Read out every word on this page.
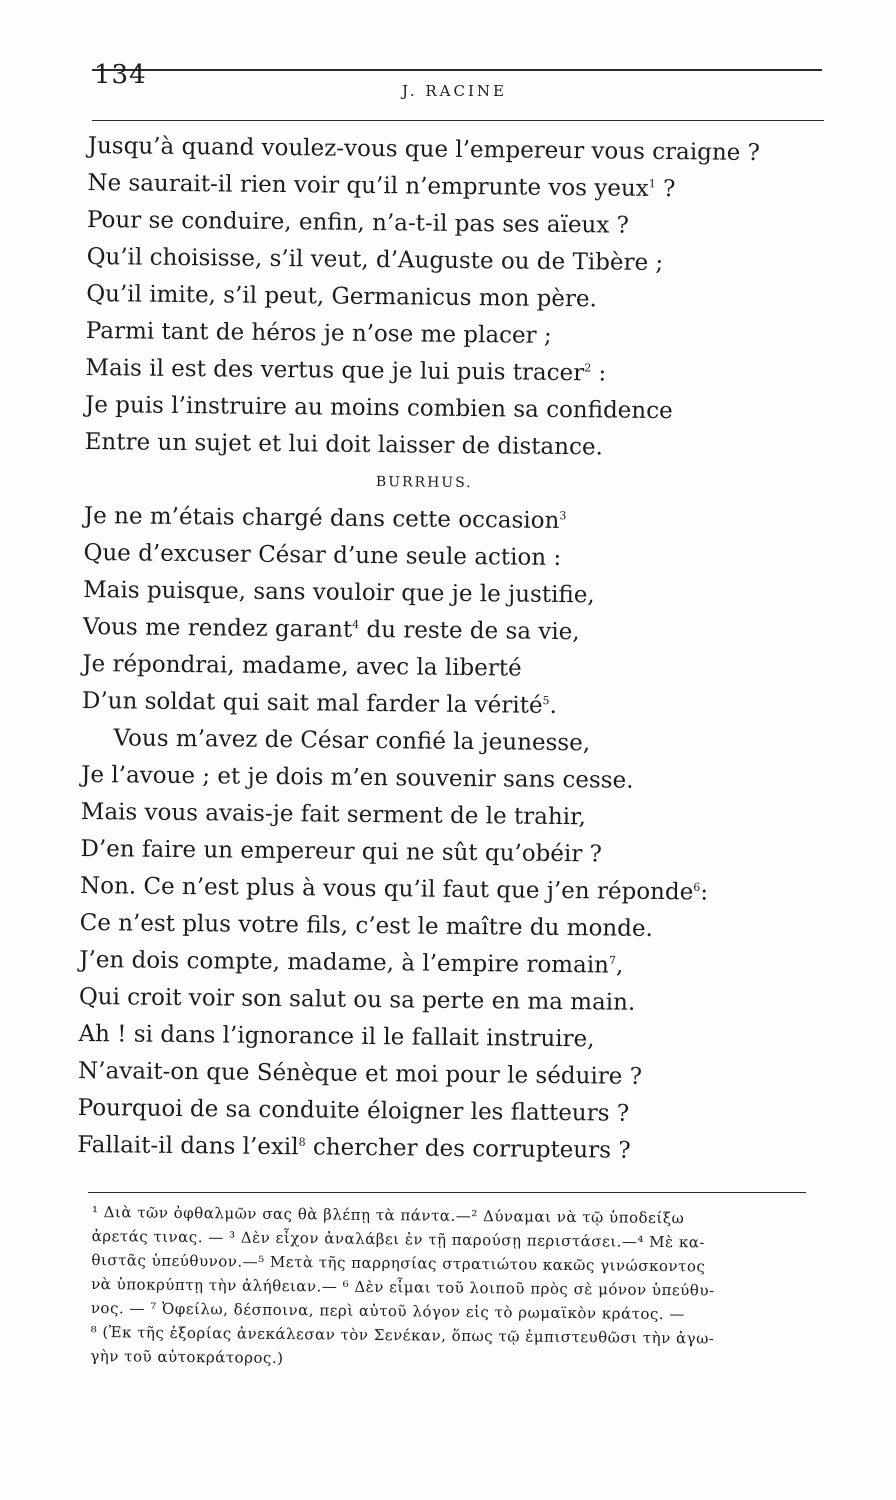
134
J. RACINE
Jusqu’à quand voulez-vous que l’empereur vous craigne ?
Ne saurait-il rien voir qu’il n’emprunte vos yeux$^1$ ?
Pour se conduire, enfin, n’a-t-il pas ses aïeux ?
Qu’il choisisse, s’il veut, d’Auguste ou de Tibère ;
Qu’il imite, s’il peut, Germanicus mon père.
Parmi tant de héros je n’ose me placer ;
Mais il est des vertus que je lui puis tracer$^2$ :
Je puis l’instruire au moins combien sa confidence
Entre un sujet et lui doit laisser de distance.
BURRHUS.
Je ne m’étais chargé dans cette occasion$^3$
Que d’excuser César d’une seule action :
Mais puisque, sans vouloir que je le justifie,
Vous me rendez garant$^4$ du reste de sa vie,
Je répondrai, madame, avec la liberté
D’un soldat qui sait mal farder la vérité$^5$.
Vous m’avez de César confié la jeunesse,
Je l’avoue ; et je dois m’en souvenir sans cesse.
Mais vous avais-je fait serment de le trahir,
D’en faire un empereur qui ne sût qu’obéir ?
Non. Ce n’est plus à vous qu’il faut que j’en réponde$^6$:
Ce n’est plus votre fils, c’est le maître du monde.
J’en dois compte, madame, à l’empire romain$^7$,
Qui croit voir son salut ou sa perte en ma main.
Ah ! si dans l’ignorance il le fallait instruire,
N’avait-on que Sénèque et moi pour le séduire ?
Pourquoi de sa conduite éloigner les flatteurs ?
Fallait-il dans l’exil$^8$ chercher des corrupteurs ?
¹ Διὰ τῶν ὀφθαλμῶν σας θὰ βλέπῃ τὰ πάντα.—² Δύναμαι νὰ τῷ ὑποδείξω
ἀρετάς τινας. — ³ Δὲν εἶχον ἀναλάβει ἐν τῇ παρούσῃ περιστάσει.—⁴ Μὲ κα-
θιστᾶς ὑπεύθυνον.—⁵ Μετὰ τῆς παρρησίας στρατιώτου κακῶς γινώσκοντος
νὰ ὑποκρύπτῃ τὴν ἀλήθειαν.— ⁶ Δὲν εἶμαι τοῦ λοιποῦ πρὸς σὲ μόνον ὑπεύθυ-
νος. — ⁷ Ὀφείλω, δέσποινα, περὶ αὐτοῦ λόγον εἰς τὸ ρωμαϊκὸν κράτος. —
⁸ (Ἐκ τῆς ἐξορίας ἀνεκάλεσαν τὸν Σενέκαν, ὅπως τῷ ἐμπιστευθῶσι τὴν ἀγω-
γὴν τοῦ αὐτοκράτορος.)
